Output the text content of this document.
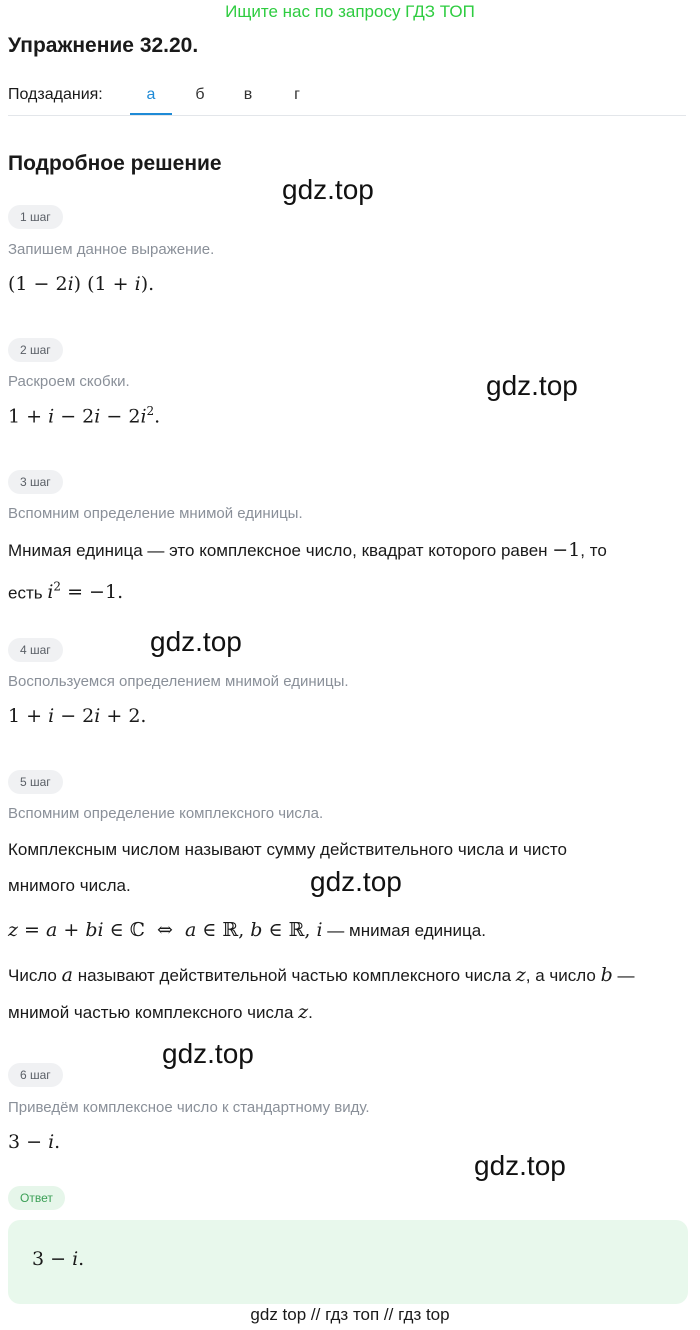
Ищите нас по запросу ГДЗ ТОП
Упражнение 32.20.
Подзадания:	а	б	в	г
Подробное решение
1 шаг
Запишем данное выражение.
(1 − 2i) (1 + i).
2 шаг
Раскроем скобки.
$1 + i - 2i - 2i^2$.
3 шаг
Вспомним определение мнимой единицы.
Мнимая единица — это комплексное число, квадрат которого равен −1, то
есть $i^2 = -1$.
4 шаг
Воспользуемся определением мнимой единицы.
1 + i − 2i + 2.
5 шаг
Вспомним определение комплексного числа.
Комплексным числом называют сумму действительного числа и чисто
мнимого числа.
z = a + bi ∈ ℂ  ⇔  a ∈ ℝ, b ∈ ℝ, i — мнимая единица.
Число a называют действительной частью комплексного числа z, а число b —
мнимой частью комплексного числа z.
6 шаг
Приведём комплексное число к стандартному виду.
3 − i.
Ответ
3 − i.
gdz.top
gdz.top
gdz.top
gdz.top
gdz.top
gdz.top
gdz top // гдз топ // гдз top
